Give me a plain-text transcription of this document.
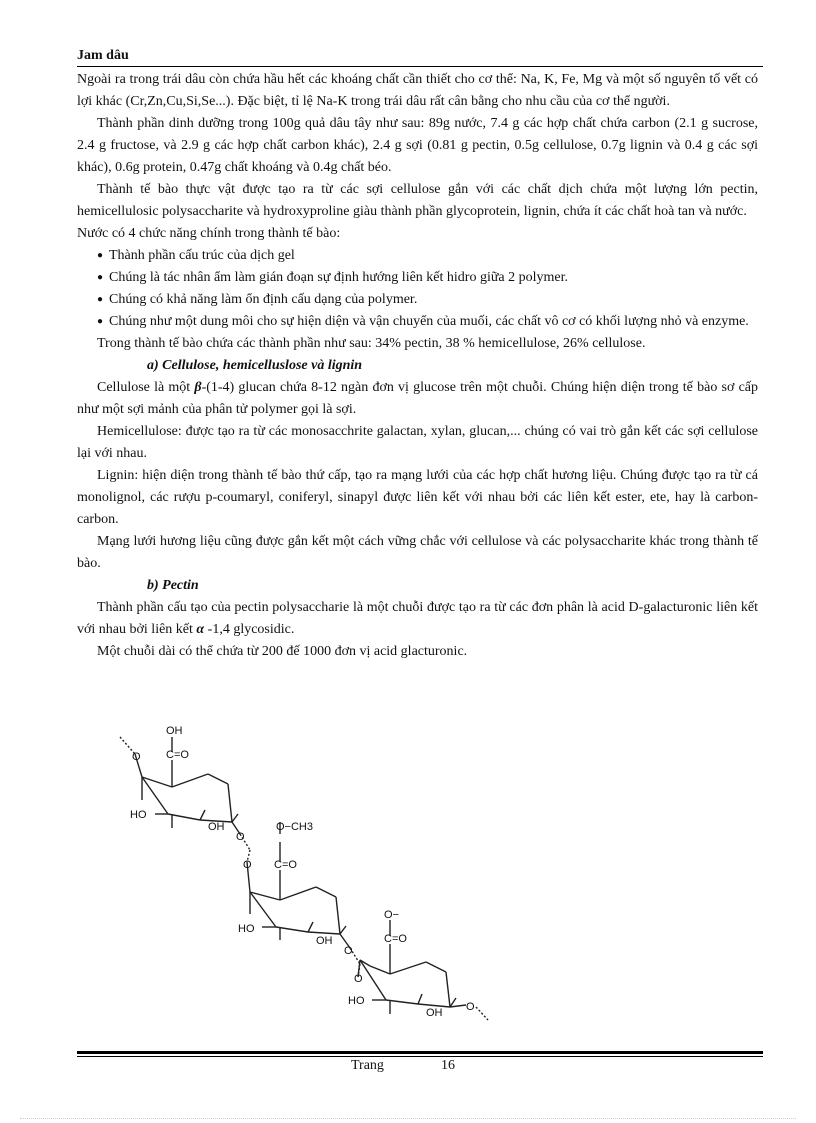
Jam dâu

Ngoài ra trong trái dâu còn chứa hầu hết các khoáng chất cần thiết cho cơ thể: Na, K, Fe, Mg và một số nguyên tố vết có lợi khác (Cr,Zn,Cu,Si,Se...). Đặc biệt, tỉ lệ Na-K trong trái dâu rất cân bằng cho nhu cầu của cơ thể người.

Thành phần dinh dưỡng trong 100g quả dâu tây như sau: 89g nước, 7.4 g các hợp chất chứa carbon (2.1 g sucrose, 2.4 g fructose, và 2.9 g các hợp chất carbon khác), 2.4 g sợi (0.81 g pectin, 0.5g cellulose, 0.7g lignin và 0.4 g các sợi khác), 0.6g protein, 0.47g chất khoáng và 0.4g chất béo.

Thành tế bào thực vật được tạo ra từ các sợi cellulose gắn với các chất dịch chứa một lượng lớn pectin, hemicellulosic polysaccharite và hydroxyproline giàu thành phần glycoprotein, lignin, chứa ít các chất hoà tan và nước.

Nước có 4 chức năng chính trong thành tế bào:

● Thành phần cấu trúc của dịch gel
● Chúng là tác nhân ẩm làm gián đoạn sự định hướng liên kết hidro giữa 2 polymer.
● Chúng có khả năng làm ổn định cấu dạng của polymer.
● Chúng như một dung môi cho sự hiện diện và vận chuyển của muối, các chất vô cơ có khối lượng nhỏ và enzyme.

Trong thành tế bào chứa các thành phần như sau: 34% pectin, 38 % hemicellulose, 26% cellulose.

a) Cellulose, hemicelluslose và lignin

Cellulose là một β-(1-4) glucan chứa 8-12 ngàn đơn vị glucose trên một chuỗi. Chúng hiện diện trong tế bào sơ cấp như một sợi mảnh của phân tử polymer gọi là sợi.

Hemicellulose: được tạo ra từ các monosacchrite galactan, xylan, glucan,... chúng có vai trò gắn kết các sợi cellulose lại với nhau.

Lignin: hiện diện trong thành tế bào thứ cấp, tạo ra mạng lưới của các hợp chất hương liệu. Chúng được tạo ra từ cá monolignol, các rượu p-coumaryl, coniferyl, sinapyl được liên kết với nhau bởi các liên kết ester, ete, hay là carbon-carbon.

Mạng lưới hương liệu cũng được gắn kết một cách vững chắc với cellulose và các polysaccharite khác trong thành tế bào.

b) Pectin

Thành phần cấu tạo của pectin polysaccharie là một chuỗi được tạo ra từ các đơn phân là acid D-galacturonic liên kết với nhau bởi liên kết α -1,4 glycosidic.

Một chuỗi dài có thể chứa từ 200 đế 1000 đơn vị acid glacturonic.

O
O
O
O
O
O
OH
C=O
HO
OH	O−CH3
C=O
HO
OH
O−
C=O
HO
OH
Trang	16
